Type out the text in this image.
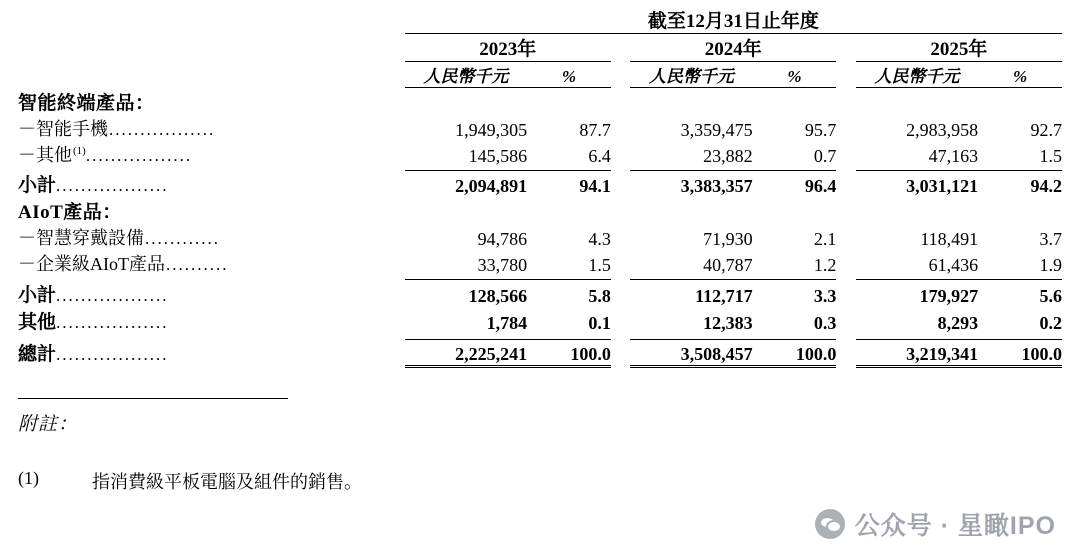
	截至12月31日止年度							

	2023年			2024年			2025年	

	人民幣千元	%		人民幣千元	%		人民幣千元	%

智能終端產品：								
－智能手機.................	1,949,305	87.7		3,359,475	95.7		2,983,958	92.7
－其他$^{(1)}$.................	145,586	6.4		23,882	0.7		47,163	1.5

小計..................	2,094,891	94.1		3,383,357	96.4		3,031,121	94.2
AIoT產品：								
－智慧穿戴設備............	94,786	4.3		71,930	2.1		118,491	3.7
－企業級AIoT產品..........	33,780	1.5		40,787	1.2		61,436	1.9

小計..................	128,566	5.8		112,717	3.3		179,927	5.6
其他..................	1,784	0.1		12,383	0.3		8,293	0.2

總計..................	2,225,241	100.0		3,508,457	100.0		3,219,341	100.0
附註：
(1)	指消費級平板電腦及組件的銷售。
公众号 · 星瞰IPO
